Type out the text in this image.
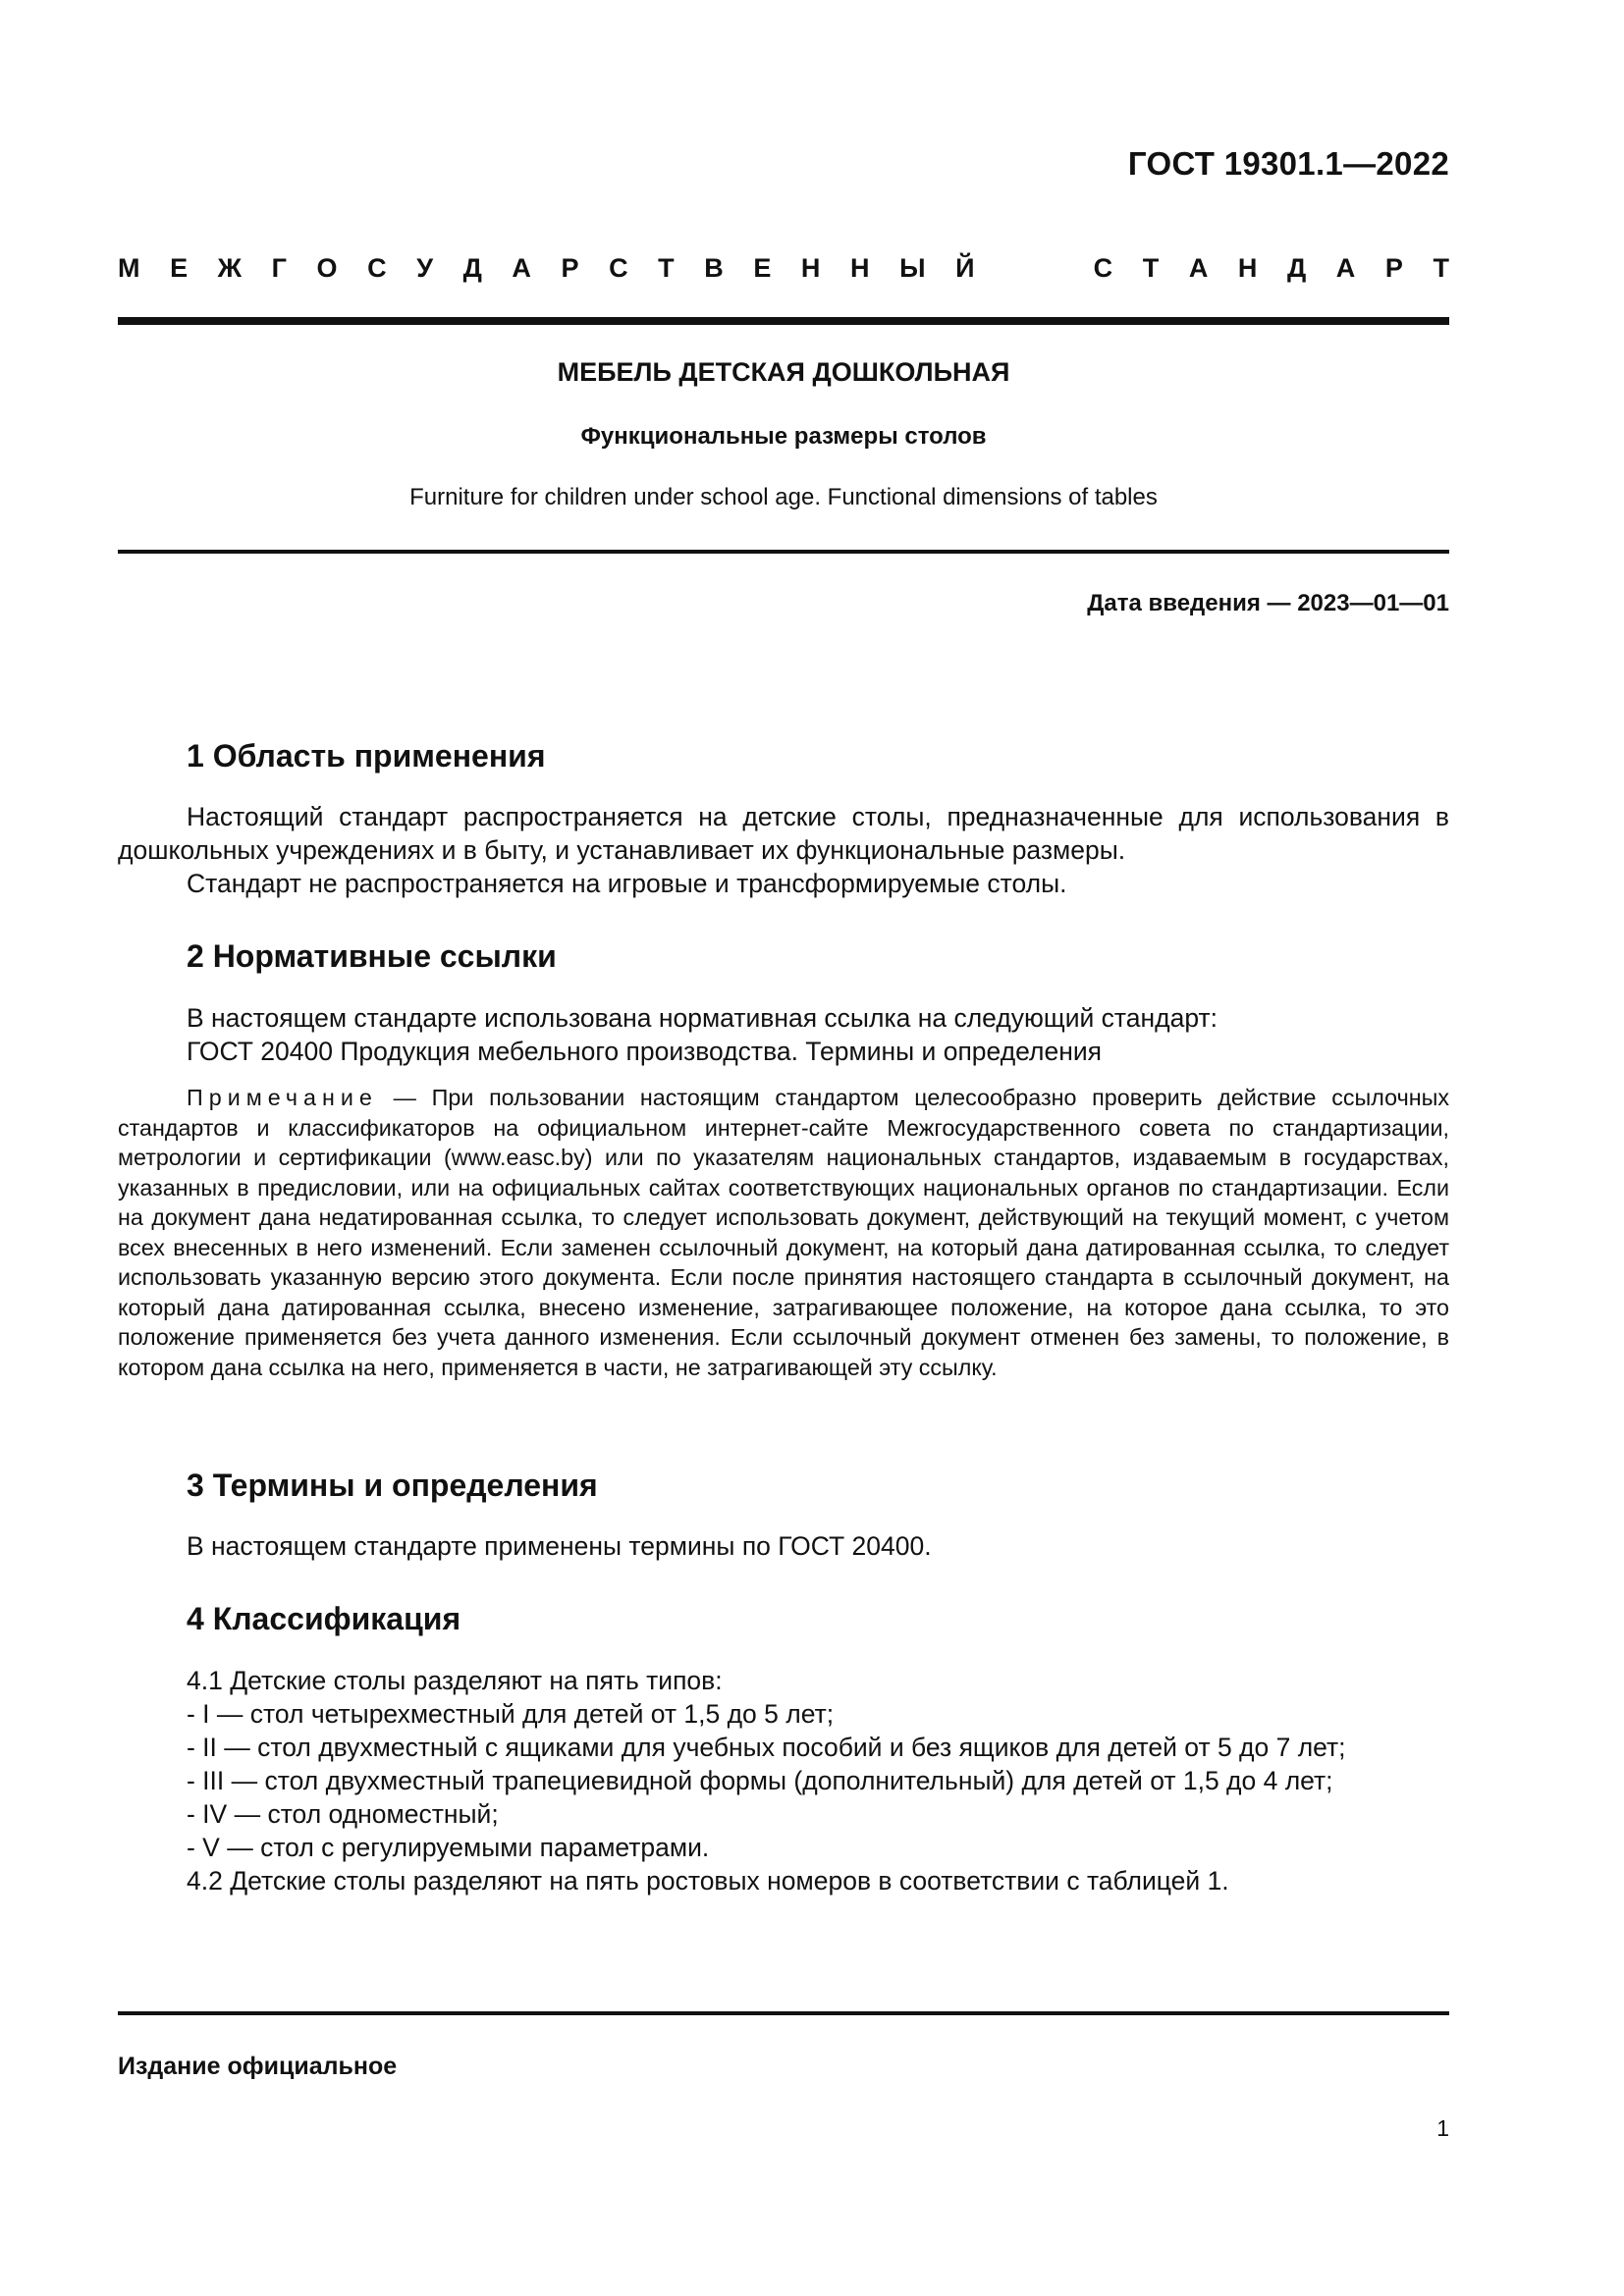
ГОСТ 19301.1—2022
М Е Ж Г О С У Д А Р С Т В Е Н Н Ы Й	С Т А Н Д А Р Т
МЕБЕЛЬ ДЕТСКАЯ ДОШКОЛЬНАЯ
Функциональные размеры столов
Furniture for children under school age. Functional dimensions of tables
Дата введения — 2023—01—01
1 Область применения
Настоящий стандарт распространяется на детские столы, предназначенные для использования в дошкольных учреждениях и в быту, и устанавливает их функциональные размеры.
Стандарт не распространяется на игровые и трансформируемые столы.
2 Нормативные ссылки
В настоящем стандарте использована нормативная ссылка на следующий стандарт:
ГОСТ 20400 Продукция мебельного производства. Термины и определения
Примечание — При пользовании настоящим стандартом целесообразно проверить действие ссылочных стандартов и классификаторов на официальном интернет-сайте Межгосударственного совета по стандартизации, метрологии и сертификации (www.easc.by) или по указателям национальных стандартов, издаваемым в государствах, указанных в предисловии, или на официальных сайтах соответствующих национальных органов по стандартизации. Если на документ дана недатированная ссылка, то следует использовать документ, действующий на текущий момент, с учетом всех внесенных в него изменений. Если заменен ссылочный документ, на который дана датированная ссылка, то следует использовать указанную версию этого документа. Если после принятия настоящего стандарта в ссылочный документ, на который дана датированная ссылка, внесено изменение, затрагивающее положение, на которое дана ссылка, то это положение применяется без учета данного изменения. Если ссылочный документ отменен без замены, то положение, в котором дана ссылка на него, применяется в части, не затрагивающей эту ссылку.
3 Термины и определения
В настоящем стандарте применены термины по ГОСТ 20400.
4 Классификация
4.1 Детские столы разделяют на пять типов:
- I — стол четырехместный для детей от 1,5 до 5 лет;
- II — стол двухместный с ящиками для учебных пособий и без ящиков для детей от 5 до 7 лет;
- III — стол двухместный трапециевидной формы (дополнительный) для детей от 1,5 до 4 лет;
- IV — стол одноместный;
- V — стол с регулируемыми параметрами.
4.2 Детские столы разделяют на пять ростовых номеров в соответствии с таблицей 1.
Издание официальное
1
